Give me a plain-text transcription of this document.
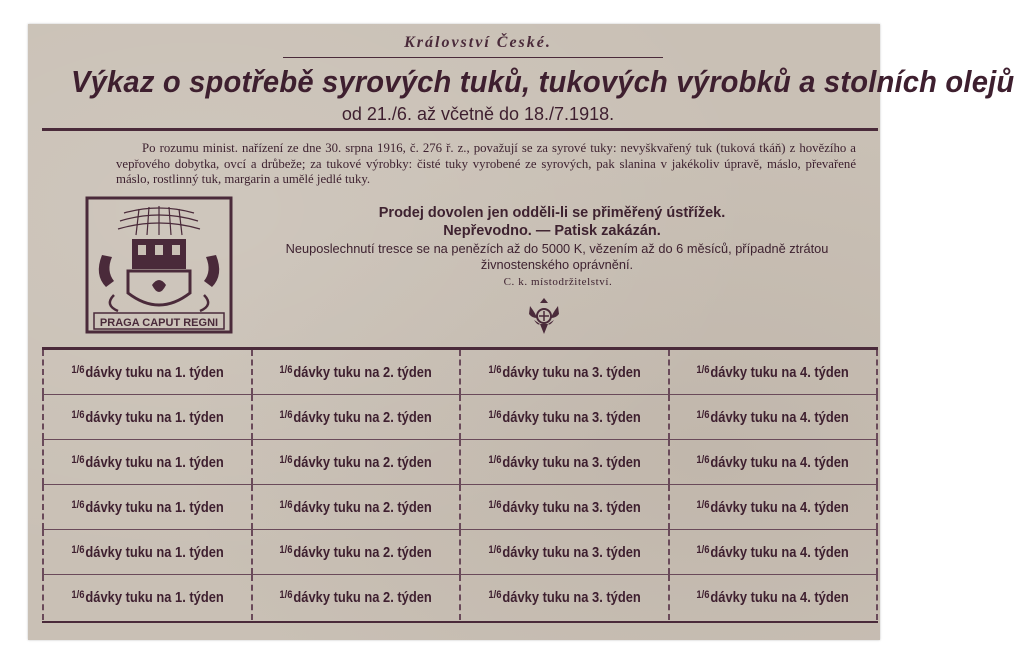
Království České.
Výkaz o spotřebě syrových tuků, tukových výrobků a stolních olejů
od 21./6. až včetně do 18./7.1918.
Po rozumu minist. nařízení ze dne 30. srpna 1916, č. 276 ř. z., považují se za syrové tuky: nevyškvařený tuk (tuková tkáň) z hovězího a vepřového dobytka, ovcí a drůbeže; za tukové výrobky: čisté tuky vyrobené ze syrových, pak slanina v jakékoliv úpravě, máslo, převařené máslo, rostlinný tuk, margarin a umělé jedlé tuky.
PRAGA CAPUT REGNI
Prodej dovolen jen odděli-li se přiměřený ústřížek.
Nepřevodno. — Patisk zakázán.
Neuposlechnutí tresce se na penězích až do 5000 K, vězením až do 6 měsíců, případně ztrátou živnostenského oprávnění.
C. k. místodržitelství.
$^{1/6}$dávky tuku na 1. týden	$^{1/6}$dávky tuku na 2. týden	$^{1/6}$dávky tuku na 3. týden	$^{1/6}$dávky tuku na 4. týden
$^{1/6}$dávky tuku na 1. týden	$^{1/6}$dávky tuku na 2. týden	$^{1/6}$dávky tuku na 3. týden	$^{1/6}$dávky tuku na 4. týden
$^{1/6}$dávky tuku na 1. týden	$^{1/6}$dávky tuku na 2. týden	$^{1/6}$dávky tuku na 3. týden	$^{1/6}$dávky tuku na 4. týden
$^{1/6}$dávky tuku na 1. týden	$^{1/6}$dávky tuku na 2. týden	$^{1/6}$dávky tuku na 3. týden	$^{1/6}$dávky tuku na 4. týden
$^{1/6}$dávky tuku na 1. týden	$^{1/6}$dávky tuku na 2. týden	$^{1/6}$dávky tuku na 3. týden	$^{1/6}$dávky tuku na 4. týden
$^{1/6}$dávky tuku na 1. týden	$^{1/6}$dávky tuku na 2. týden	$^{1/6}$dávky tuku na 3. týden	$^{1/6}$dávky tuku na 4. týden
